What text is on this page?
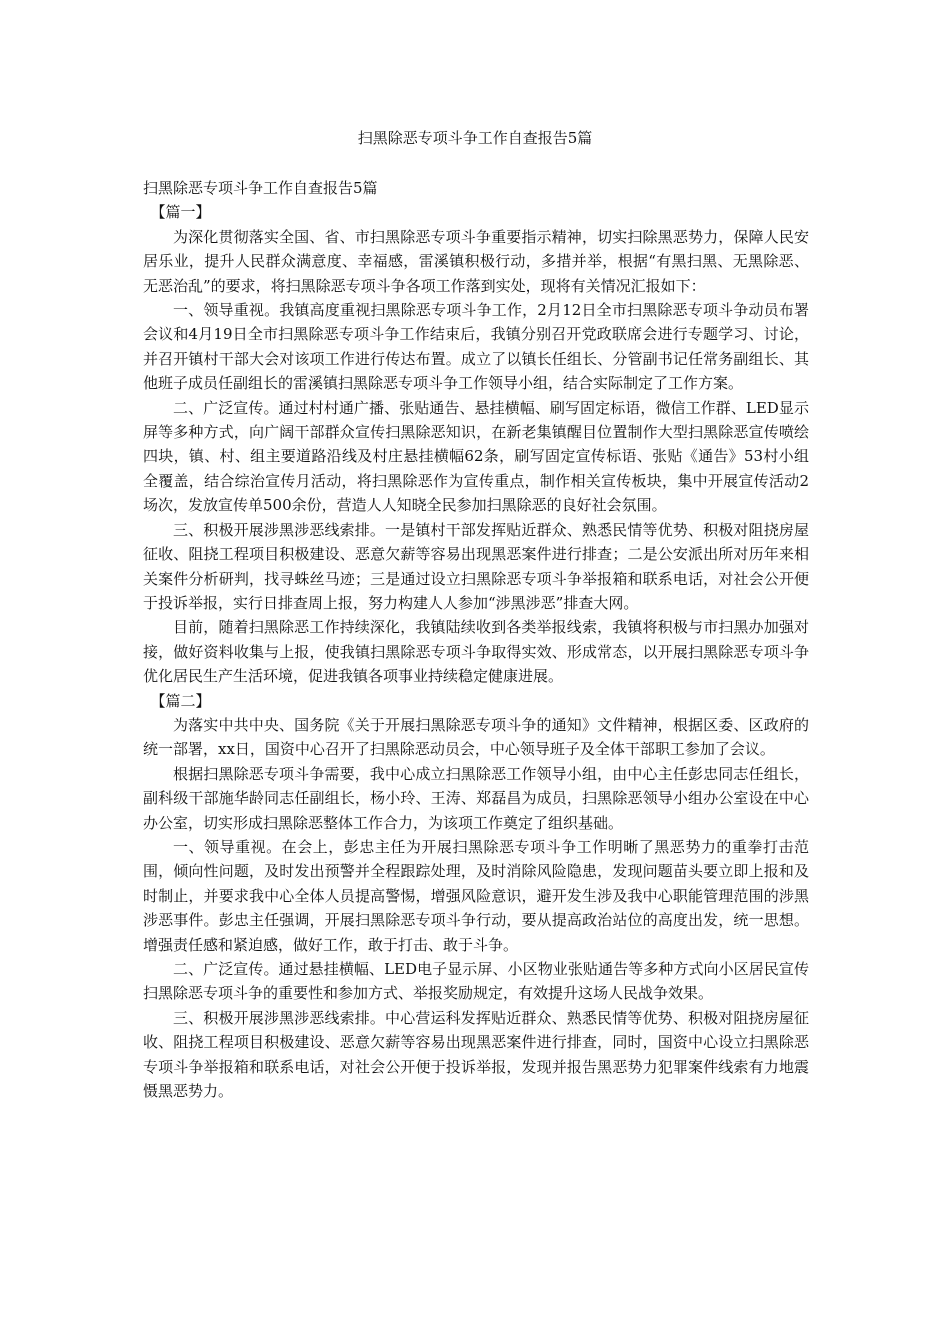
扫黑除恶专项斗争工作自查报告5篇

扫黑除恶专项斗争工作自查报告5篇

【篇一】

为深化贯彻落实全国、省、市扫黑除恶专项斗争重要指示精神，切实扫除黑恶势力，保障人民安居乐业，提升人民群众满意度、幸福感，雷溪镇积极行动，多措并举，根据“有黑扫黑、无黑除恶、无恶治乱”的要求，将扫黑除恶专项斗争各项工作落到实处，现将有关情况汇报如下：

一、领导重视。我镇高度重视扫黑除恶专项斗争工作，2月12日全市扫黑除恶专项斗争动员布署会议和4月19日全市扫黑除恶专项斗争工作结束后，我镇分别召开党政联席会进行专题学习、讨论，并召开镇村干部大会对该项工作进行传达布置。成立了以镇长任组长、分管副书记任常务副组长、其他班子成员任副组长的雷溪镇扫黑除恶专项斗争工作领导小组，结合实际制定了工作方案。

二、广泛宣传。通过村村通广播、张贴通告、悬挂横幅、刷写固定标语，微信工作群、LED显示屏等多种方式，向广阔干部群众宣传扫黑除恶知识，在新老集镇醒目位置制作大型扫黑除恶宣传喷绘四块，镇、村、组主要道路沿线及村庄悬挂横幅62条，刷写固定宣传标语、张贴《通告》53村小组全覆盖，结合综治宣传月活动，将扫黑除恶作为宣传重点，制作相关宣传板块，集中开展宣传活动2场次，发放宣传单500余份，营造人人知晓全民参加扫黑除恶的良好社会氛围。

三、积极开展涉黑涉恶线索排。一是镇村干部发挥贴近群众、熟悉民情等优势、积极对阻挠房屋征收、阻挠工程项目积极建设、恶意欠薪等容易出现黑恶案件进行排查；二是公安派出所对历年来相关案件分析研判，找寻蛛丝马迹；三是通过设立扫黑除恶专项斗争举报箱和联系电话，对社会公开便于投诉举报，实行日排查周上报，努力构建人人参加“涉黑涉恶”排查大网。

目前，随着扫黑除恶工作持续深化，我镇陆续收到各类举报线索，我镇将积极与市扫黑办加强对接，做好资料收集与上报，使我镇扫黑除恶专项斗争取得实效、形成常态，以开展扫黑除恶专项斗争优化居民生产生活环境，促进我镇各项事业持续稳定健康进展。

【篇二】

为落实中共中央、国务院《关于开展扫黑除恶专项斗争的通知》文件精神，根据区委、区政府的统一部署，xx日，国资中心召开了扫黑除恶动员会，中心领导班子及全体干部职工参加了会议。

根据扫黑除恶专项斗争需要，我中心成立扫黑除恶工作领导小组，由中心主任彭忠同志任组长，副科级干部施华龄同志任副组长，杨小玲、王涛、郑磊昌为成员，扫黑除恶领导小组办公室设在中心办公室，切实形成扫黑除恶整体工作合力，为该项工作奠定了组织基础。

一、领导重视。在会上，彭忠主任为开展扫黑除恶专项斗争工作明晰了黑恶势力的重拳打击范围，倾向性问题，及时发出预警并全程跟踪处理，及时消除风险隐患，发现问题苗头要立即上报和及时制止，并要求我中心全体人员提高警惕，增强风险意识，避开发生涉及我中心职能管理范围的涉黑涉恶事件。彭忠主任强调，开展扫黑除恶专项斗争行动，要从提高政治站位的高度出发，统一思想。增强责任感和紧迫感，做好工作，敢于打击、敢于斗争。

二、广泛宣传。通过悬挂横幅、LED电子显示屏、小区物业张贴通告等多种方式向小区居民宣传扫黑除恶专项斗争的重要性和参加方式、举报奖励规定，有效提升这场人民战争效果。

三、积极开展涉黑涉恶线索排。中心营运科发挥贴近群众、熟悉民情等优势、积极对阻挠房屋征收、阻挠工程项目积极建设、恶意欠薪等容易出现黑恶案件进行排查，同时，国资中心设立扫黑除恶专项斗争举报箱和联系电话，对社会公开便于投诉举报，发现并报告黑恶势力犯罪案件线索有力地震慑黑恶势力。
